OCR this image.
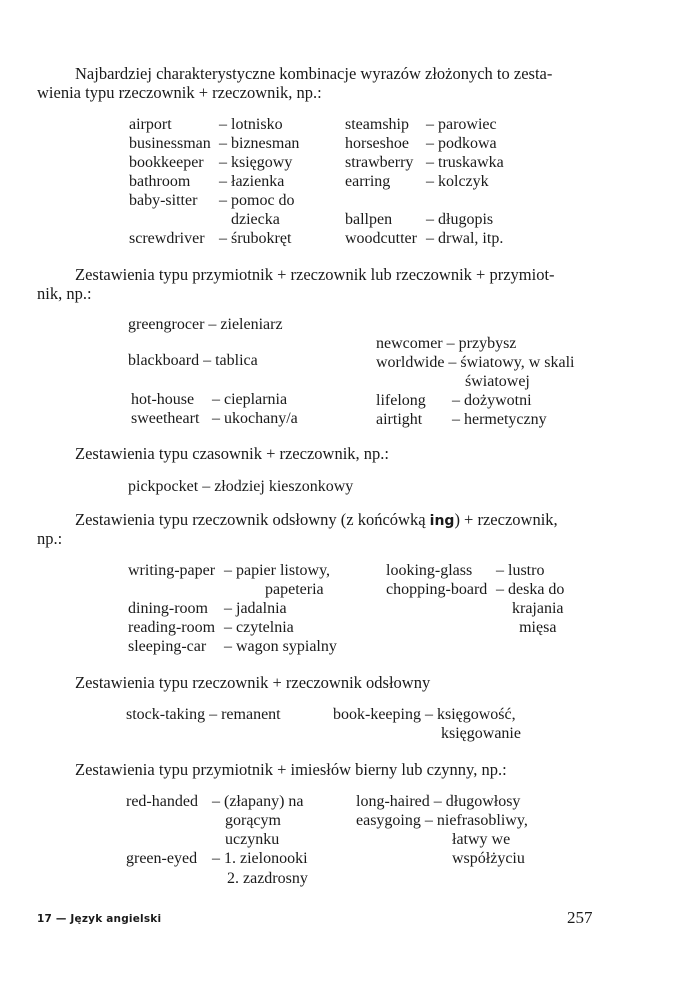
Najbardziej charakterystyczne kombinacje wyrazów złożonych to zesta-
wienia typu rzeczownik + rzeczownik, np.:
airport
businessman
bookkeeper
bathroom
baby-sitter

screwdriver
– lotnisko
– biznesman
– księgowy
– łazienka
– pomoc do

– śrubokręt
dziecka
steamship
horseshoe
strawberry
earring

ballpen
woodcutter
– parowiec
– podkowa
– truskawka
– kolczyk

– długopis
– drwal, itp.
Zestawienia typu przymiotnik + rzeczownik lub rzeczownik + przymiot-
nik, np.:
greengrocer – zieleniarz
blackboard – tablica
hot-house
sweetheart
– cieplarnia
– ukochany/a
newcomer – przybysz
worldwide – światowy, w skali
światowej
lifelong
airtight
– dożywotni
– hermetyczny
Zestawienia typu czasownik + rzeczownik, np.:
pickpocket – złodziej kieszonkowy
Zestawienia typu rzeczownik odsłowny (z końcówką ing) + rzeczownik,
np.:
writing-paper

dining-room
reading-room
sleeping-car
– papier listowy,

– jadalnia
– czytelnia
– wagon sypialny
papeteria
looking-glass
chopping-board
– lustro
– deska do
krajania
mięsa
Zestawienia typu rzeczownik + rzeczownik odsłowny
stock-taking – remanent	book-keeping – księgowość,
księgowanie
Zestawienia typu przymiotnik + imiesłów bierny lub czynny, np.:
red-handed

green-eyed
– (złapany) na

– 1. zielonooki
gorącym
uczynku
2. zazdrosny
long-haired – długowłosy
easygoing – niefrasobliwy,
łatwy we
współżyciu
17 — Język angielski	257
